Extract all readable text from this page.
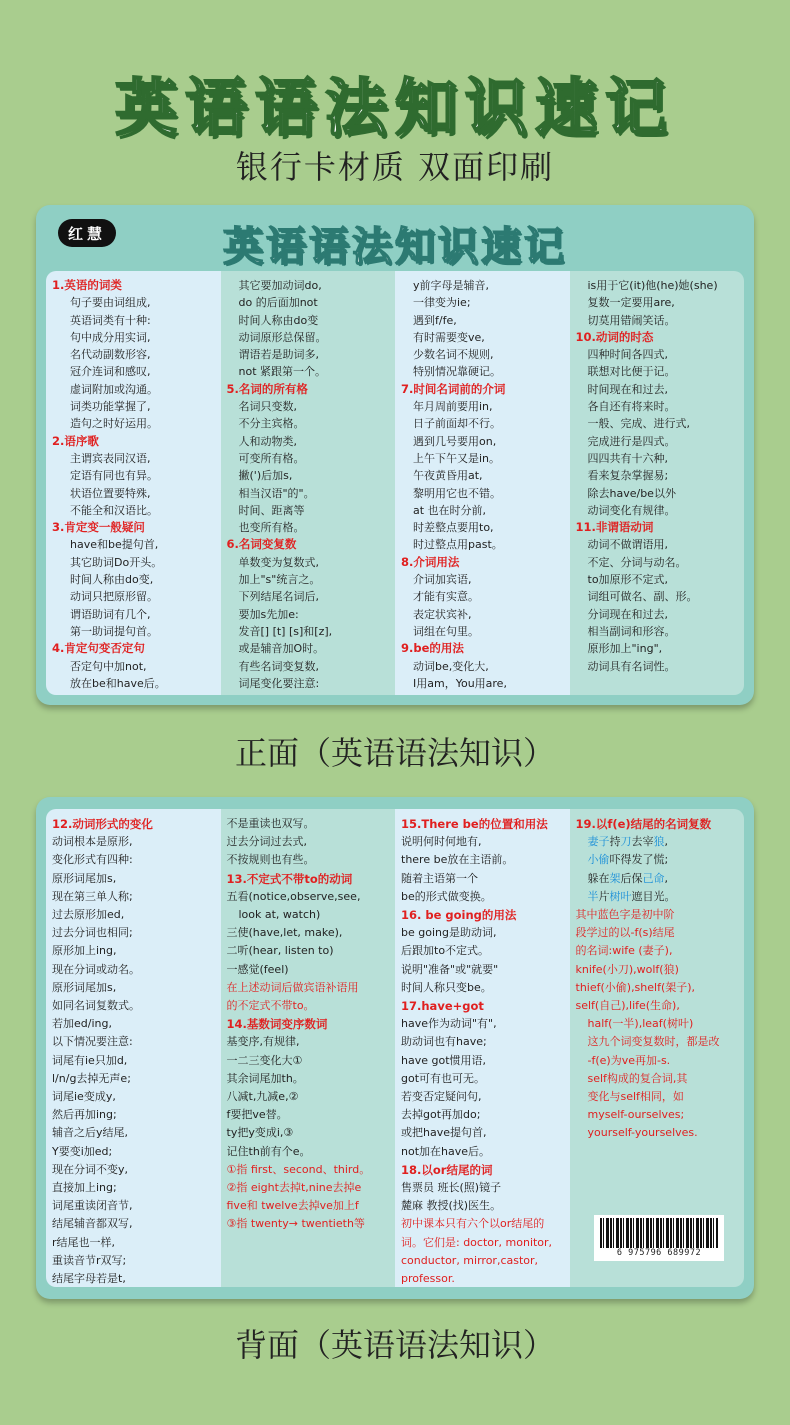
英语语法知识速记
银行卡材质 双面印刷
红慧	英语语法知识速记
1.英语的词类
句子要由词组成,
英语词类有十种:
句中成分用实词,
名代动副数形容,
冠介连词和感叹,
虚词附加或沟通。
词类功能掌握了,
造句之时好运用。
2.语序歌
主谓宾表同汉语,
定语有同也有异。
状语位置要特殊,
不能全和汉语比。
3.肯定变一般疑问
have和be提句首,
其它助词Do开头。
时间人称由do变,
动词只把原形留。
谓语助词有几个,
第一助词提句首。
4.肯定句变否定句
否定句中加not,
放在be和have后。
其它要加动词do,
do 的后面加not
时间人称由do变
动词原形总保留。
谓语若是助词多,
not 紧跟第一个。
5.名词的所有格
名词只变数,
不分主宾格。
人和动物类,
可变所有格。
撇(')后加s,
相当汉语"的"。
时间、距离等
也变所有格。
6.名词变复数
单数变为复数式,
加上"s"统言之。
下列结尾名词后,
要加s先加e:
发音[] [t] [s]和[z],
或是辅音加O时。
有些名词变复数,
词尾变化要注意:
y前字母是辅音,
一律变为ie;
遇到f/fe,
有时需要变ve,
少数名词不规则,
特别情况靠硬记。
7.时间名词前的介词
年月周前要用in,
日子前面却不行。
遇到几号要用on,
上午下午又是in。
午夜黄昏用at,
黎明用它也不错。
at 也在时分前,
时差整点要用to,
时过整点用past。
8.介词用法
介词加宾语,
才能有实意。
表定状宾补,
词组在句里。
9.be的用法
动词be,变化大,
I用am，You用are,
is用于它(it)他(he)她(she)
复数一定要用are,
切莫用错闹笑话。
10.动词的时态
四种时间各四式,
联想对比便于记。
时间现在和过去,
各自还有将来时。
一般、完成、进行式,
完成进行是四式。
四四共有十六种,
看来复杂掌握易;
除去have/be以外
动词变化有规律。
11.非谓语动词
动词不做谓语用,
不定、分词与动名。
to加原形不定式,
词组可做名、副、形。
分词现在和过去,
相当副词和形容。
原形加上"ing",
动词具有名词性。
正面（英语语法知识）
12.动词形式的变化
动词根本是原形,
变化形式有四种:
原形词尾加s,
现在第三单人称;
过去原形加ed,
过去分词也相同;
原形加上ing,
现在分词或动名。
原形词尾加s,
如同名词复数式。
若加ed/ing,
以下情况要注意:
词尾有ie只加d,
l/n/g去掉无声e;
词尾ie变成y,
然后再加ing;
辅音之后y结尾,
Y要变i加ed;
现在分词不变y,
直接加上ing;
词尾重读闭音节,
结尾辅音都双写,
r结尾也一样,
重读音节r双写;
结尾字母若是t,
不是重读也双写。
过去分词过去式,
不按规则也有些。
13.不定式不带to的动词
五看(notice,observe,see,
look at, watch)
三使(have,let, make),
二听(hear, listen to)
一感觉(feel)
在上述动词后做宾语补语用
的不定式不带to。
14.基数词变序数词
基变序,有规律,
一二三变化大①
其余词尾加th。
八减t,九减e,②
f要把ve替。
ty把y变成i,③
记住th前有个e。
①指 first、second、third。
②指 eight去掉t,nine去掉e
five和 twelve去掉ve加上f
③指 twenty→ twentieth等
15.There be的位置和用法
说明何时何地有,
there be放在主语前。
随着主语第一个
be的形式做变换。
16. be going的用法
be going是助动词,
后跟加to不定式。
说明"准备"或"就要"
时间人称只变be。
17.have+got
have作为动词"有",
助动词也有have;
have got惯用语,
got可有也可无。
若变否定疑问句,
去掉got再加do;
或把have提句首,
not加在have后。
18.以or结尾的词
售票员 班长(照)镜子
麓麻 教授(找)医生。
初中课本只有六个以or结尾的
词。它们是: doctor, monitor,
conductor, mirror,castor,
professor.
19.以f(e)结尾的名词复数
妻子持刀去宰狼,
小偷吓得发了慌;
躲在架后保己命,
半片树叶遮目光。
其中蓝色字是初中阶
段学过的以-f(s)结尾
的名词:wife (妻子),
knife(小刀),wolf(狼)
thief(小偷),shelf(架子),
self(自己),life(生命),
half(一半),leaf(树叶)
这九个词变复数时，都是改
-f(e)为ve再加-s.
self构成的复合词,其
变化与self相同，如
myself-ourselves;
yourself-yourselves.
6 975796 689972
背面（英语语法知识）
